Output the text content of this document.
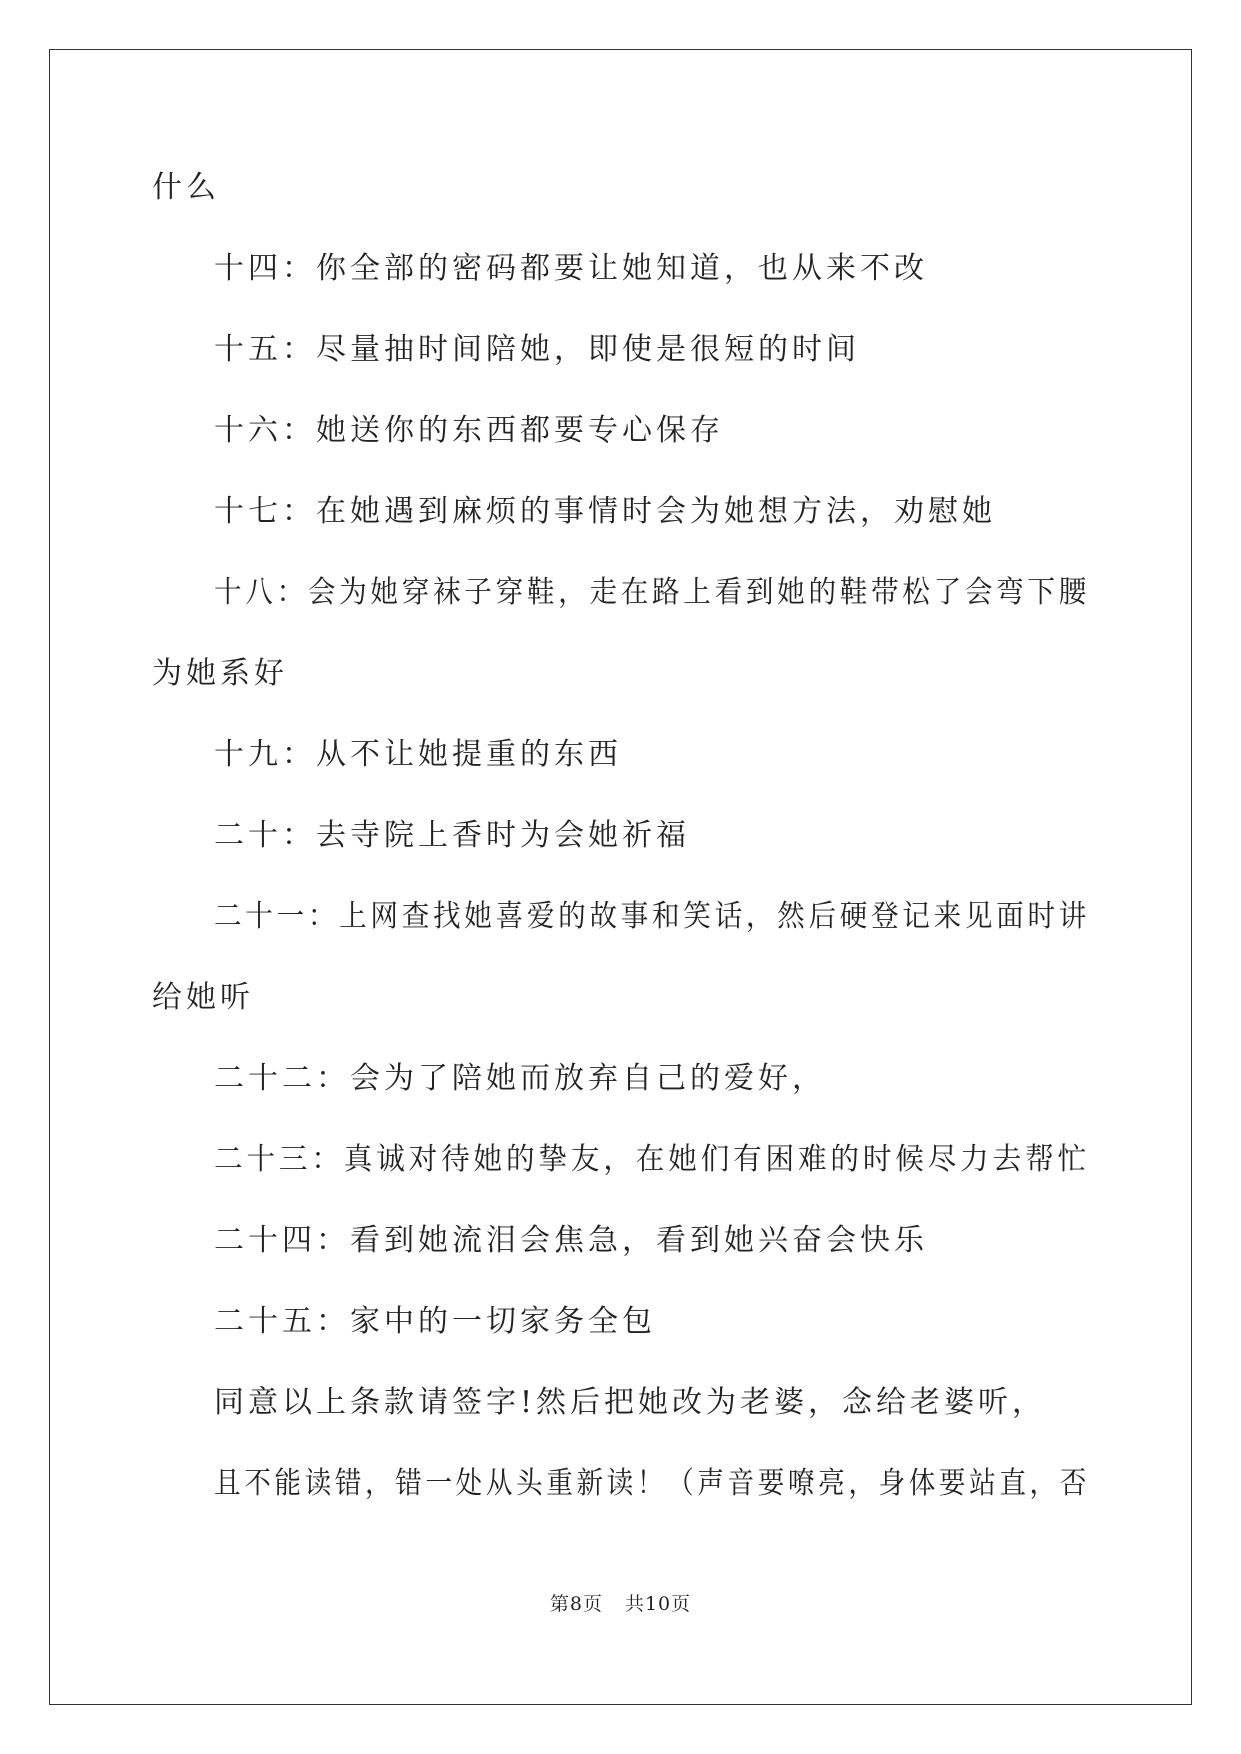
什么
十四：你全部的密码都要让她知道，也从来不改
十五：尽量抽时间陪她，即使是很短的时间
十六：她送你的东西都要专心保存
十七：在她遇到麻烦的事情时会为她想方法，劝慰她
十八：会为她穿袜子穿鞋，走在路上看到她的鞋带松了会弯下腰
为她系好
十九：从不让她提重的东西
二十：去寺院上香时为会她祈福
二十一：上网查找她喜爱的故事和笑话，然后硬登记来见面时讲
给她听
二十二：会为了陪她而放弃自己的爱好，
二十三：真诚对待她的挚友，在她们有困难的时候尽力去帮忙
二十四：看到她流泪会焦急，看到她兴奋会快乐
二十五：家中的一切家务全包
同意以上条款请签字!然后把她改为老婆，念给老婆听，
且不能读错，错一处从头重新读！（声音要嘹亮，身体要站直，否
第8页 共10页
